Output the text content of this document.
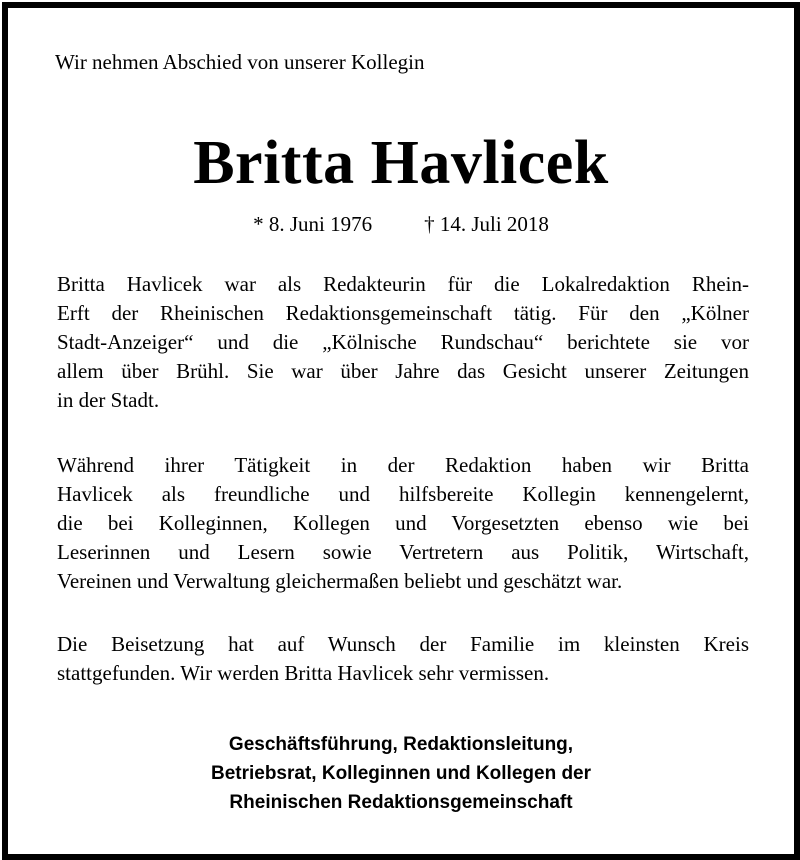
Wir nehmen Abschied von unserer Kollegin
Britta Havlicek
* 8. Juni 1976 † 14. Juli 2018
Britta Havlicek war als Redakteurin für die Lokalredaktion Rhein-
Erft der Rheinischen Redaktionsgemeinschaft tätig. Für den „Kölner
Stadt-Anzeiger“ und die „Kölnische Rundschau“ berichtete sie vor
allem über Brühl. Sie war über Jahre das Gesicht unserer Zeitungen
in der Stadt.
Während ihrer Tätigkeit in der Redaktion haben wir Britta
Havlicek als freundliche und hilfsbereite Kollegin kennengelernt,
die bei Kolleginnen, Kollegen und Vorgesetzten ebenso wie bei
Leserinnen und Lesern sowie Vertretern aus Politik, Wirtschaft,
Vereinen und Verwaltung gleichermaßen beliebt und geschätzt war.
Die Beisetzung hat auf Wunsch der Familie im kleinsten Kreis
stattgefunden. Wir werden Britta Havlicek sehr vermissen.
Geschäftsführung, Redaktionsleitung,
Betriebsrat, Kolleginnen und Kollegen der
Rheinischen Redaktionsgemeinschaft
